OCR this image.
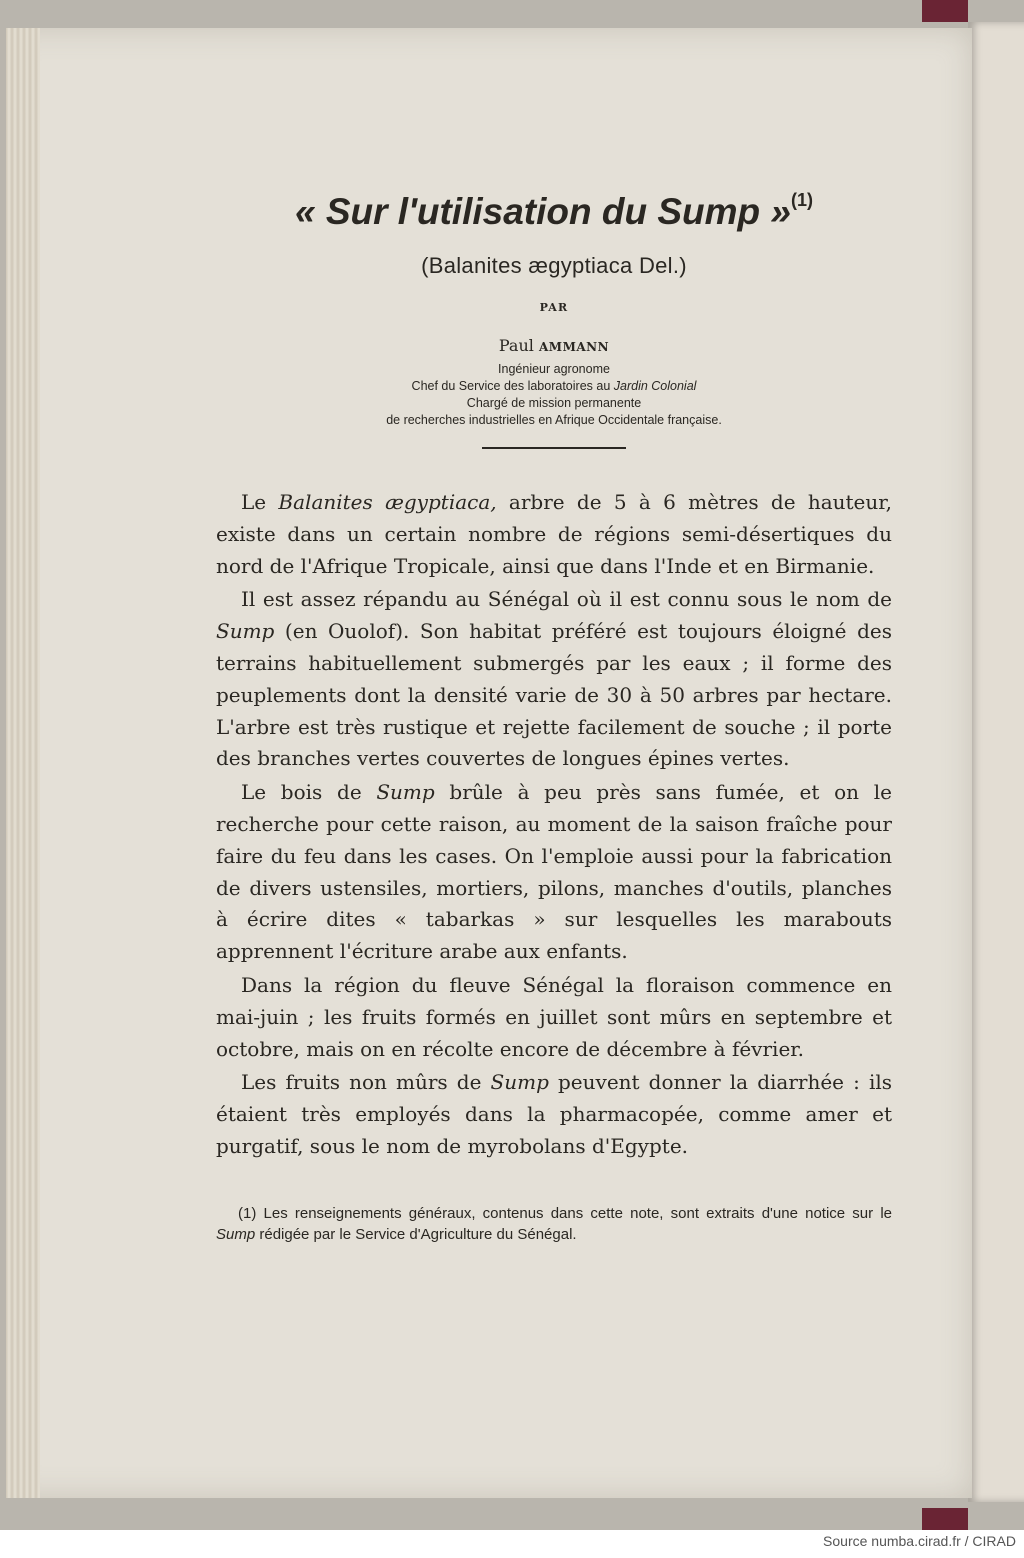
« Sur l'utilisation du Sump »$^{(1)}$

(Balanites ægyptiaca Del.)

PAR

Paul AMMANN

Ingénieur agronome
Chef du Service des laboratoires au Jardin Colonial
Chargé de mission permanente
de recherches industrielles en Afrique Occidentale française.

Le Balanites ægyptiaca, arbre de 5 à 6 mètres de hauteur, existe dans un certain nombre de régions semi-désertiques du nord de l'Afrique Tropicale, ainsi que dans l'Inde et en Birmanie.

Il est assez répandu au Sénégal où il est connu sous le nom de Sump (en Ouolof). Son habitat préféré est toujours éloigné des terrains habituellement submergés par les eaux ; il forme des peuplements dont la densité varie de 30 à 50 arbres par hectare. L'arbre est très rustique et rejette facilement de souche ; il porte des branches vertes couvertes de longues épines vertes.

Le bois de Sump brûle à peu près sans fumée, et on le recherche pour cette raison, au moment de la saison fraîche pour faire du feu dans les cases. On l'emploie aussi pour la fabrication de divers ustensiles, mortiers, pilons, manches d'outils, planches à écrire dites « tabarkas » sur lesquelles les marabouts apprennent l'écriture arabe aux enfants.

Dans la région du fleuve Sénégal la floraison commence en mai-juin ; les fruits formés en juillet sont mûrs en septembre et octobre, mais on en récolte encore de décembre à février.

Les fruits non mûrs de Sump peuvent donner la diarrhée : ils étaient très employés dans la pharmacopée, comme amer et purgatif, sous le nom de myrobolans d'Egypte.

(1) Les renseignements généraux, contenus dans cette note, sont extraits d'une notice sur le Sump rédigée par le Service d'Agriculture du Sénégal.

Source numba.cirad.fr / CIRAD
